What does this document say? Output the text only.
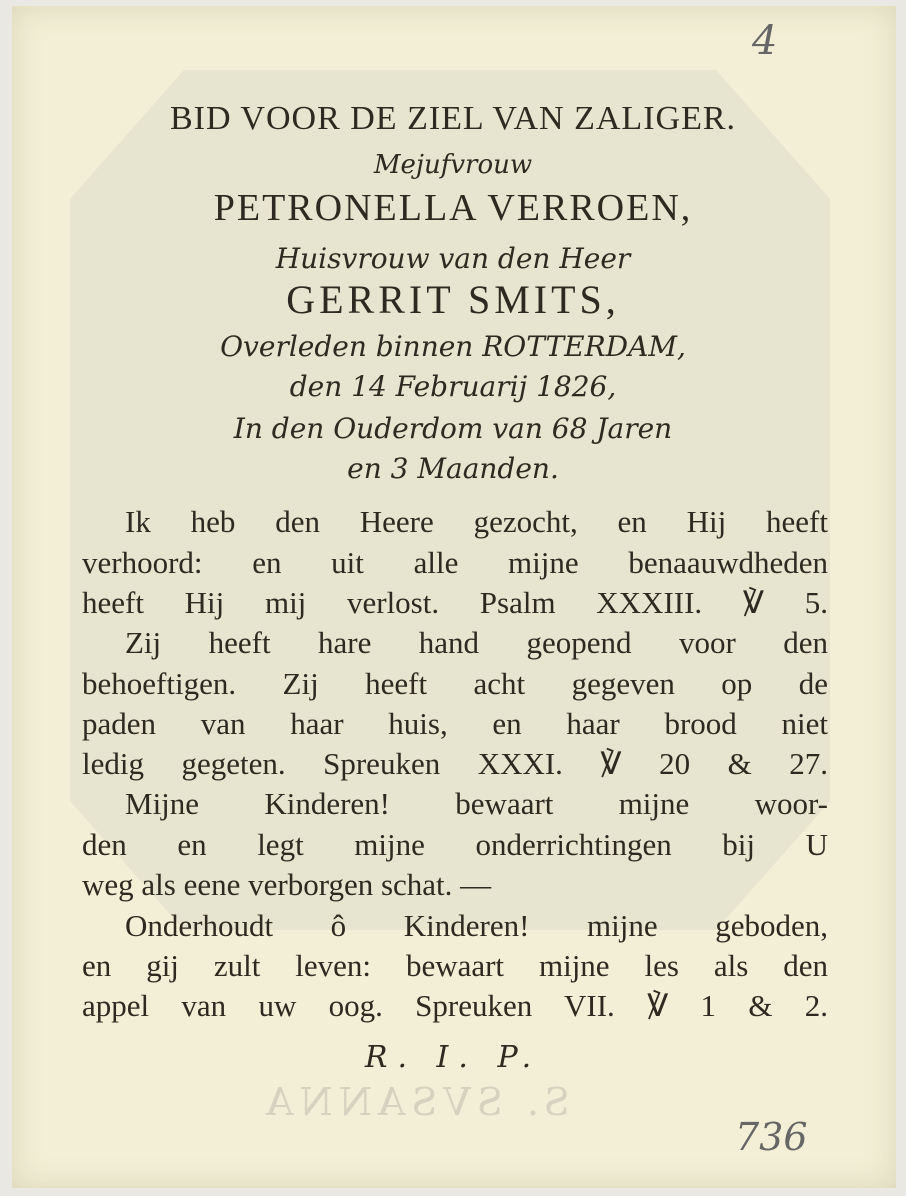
S. SVSANNA
BID VOOR DE ZIEL VAN ZALIGER.
Mejufvrouw
PETRONELLA VERROEN,
Huisvrouw van den Heer
GERRIT SMITS,
Overleden binnen ROTTERDAM,
den 14 Februarij 1826,
In den Ouderdom van 68 Jaren
en 3 Maanden.
Ik heb den Heere gezocht, en Hij heeft
verhoord: en uit alle mijne benaauwdheden
heeft Hij mij verlost. Psalm XXXIII. ℣ 5.
Zij heeft hare hand geopend voor den
behoeftigen. Zij heeft acht gegeven op de
paden van haar huis, en haar brood niet
ledig gegeten. Spreuken XXXI. ℣ 20 & 27.
Mijne Kinderen! bewaart mijne woor-
den en legt mijne onderrichtingen bij U
weg als eene verborgen schat. —
Onderhoudt ô Kinderen! mijne geboden,
en gij zult leven: bewaart mijne les als den
appel van uw oog. Spreuken VII. ℣ 1 & 2.
R. I. P.
4
736
